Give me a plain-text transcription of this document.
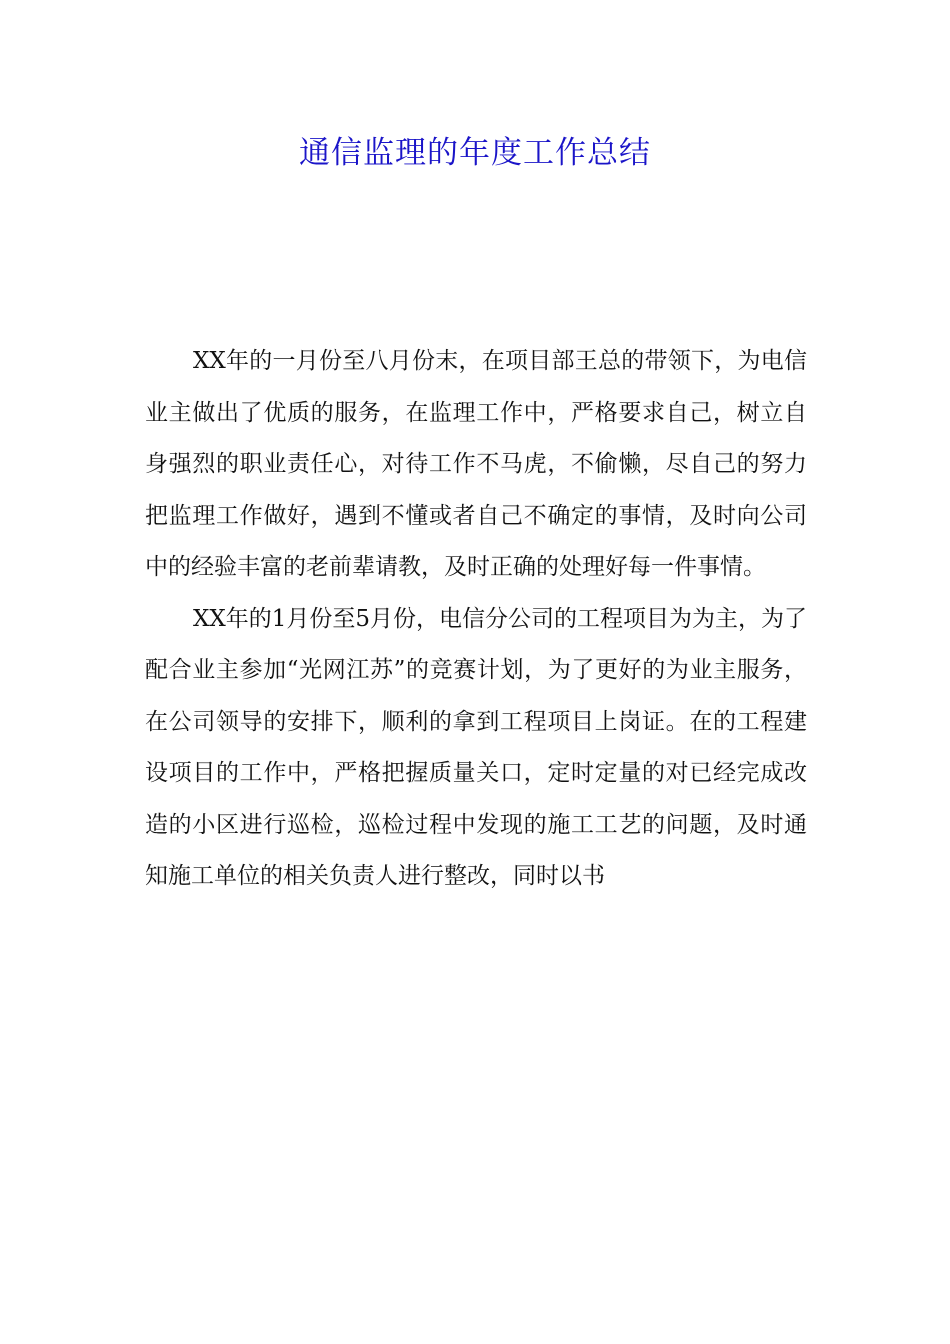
通信监理的年度工作总结

XX年的一月份至八月份末，在项目部王总的带领下，为电信业主做出了优质的服务，在监理工作中，严格要求自己，树立自身强烈的职业责任心，对待工作不马虎，不偷懒，尽自己的努力把监理工作做好，遇到不懂或者自己不确定的事情，及时向公司中的经验丰富的老前辈请教，及时正确的处理好每一件事情。

XX年的1月份至5月份，电信分公司的工程项目为为主，为了配合业主参加“光网江苏”的竞赛计划，为了更好的为业主服务，在公司领导的安排下，顺利的拿到工程项目上岗证。在的工程建设项目的工作中，严格把握质量关口，定时定量的对已经完成改造的小区进行巡检，巡检过程中发现的施工工艺的问题，及时通知施工单位的相关负责人进行整改，同时以书
